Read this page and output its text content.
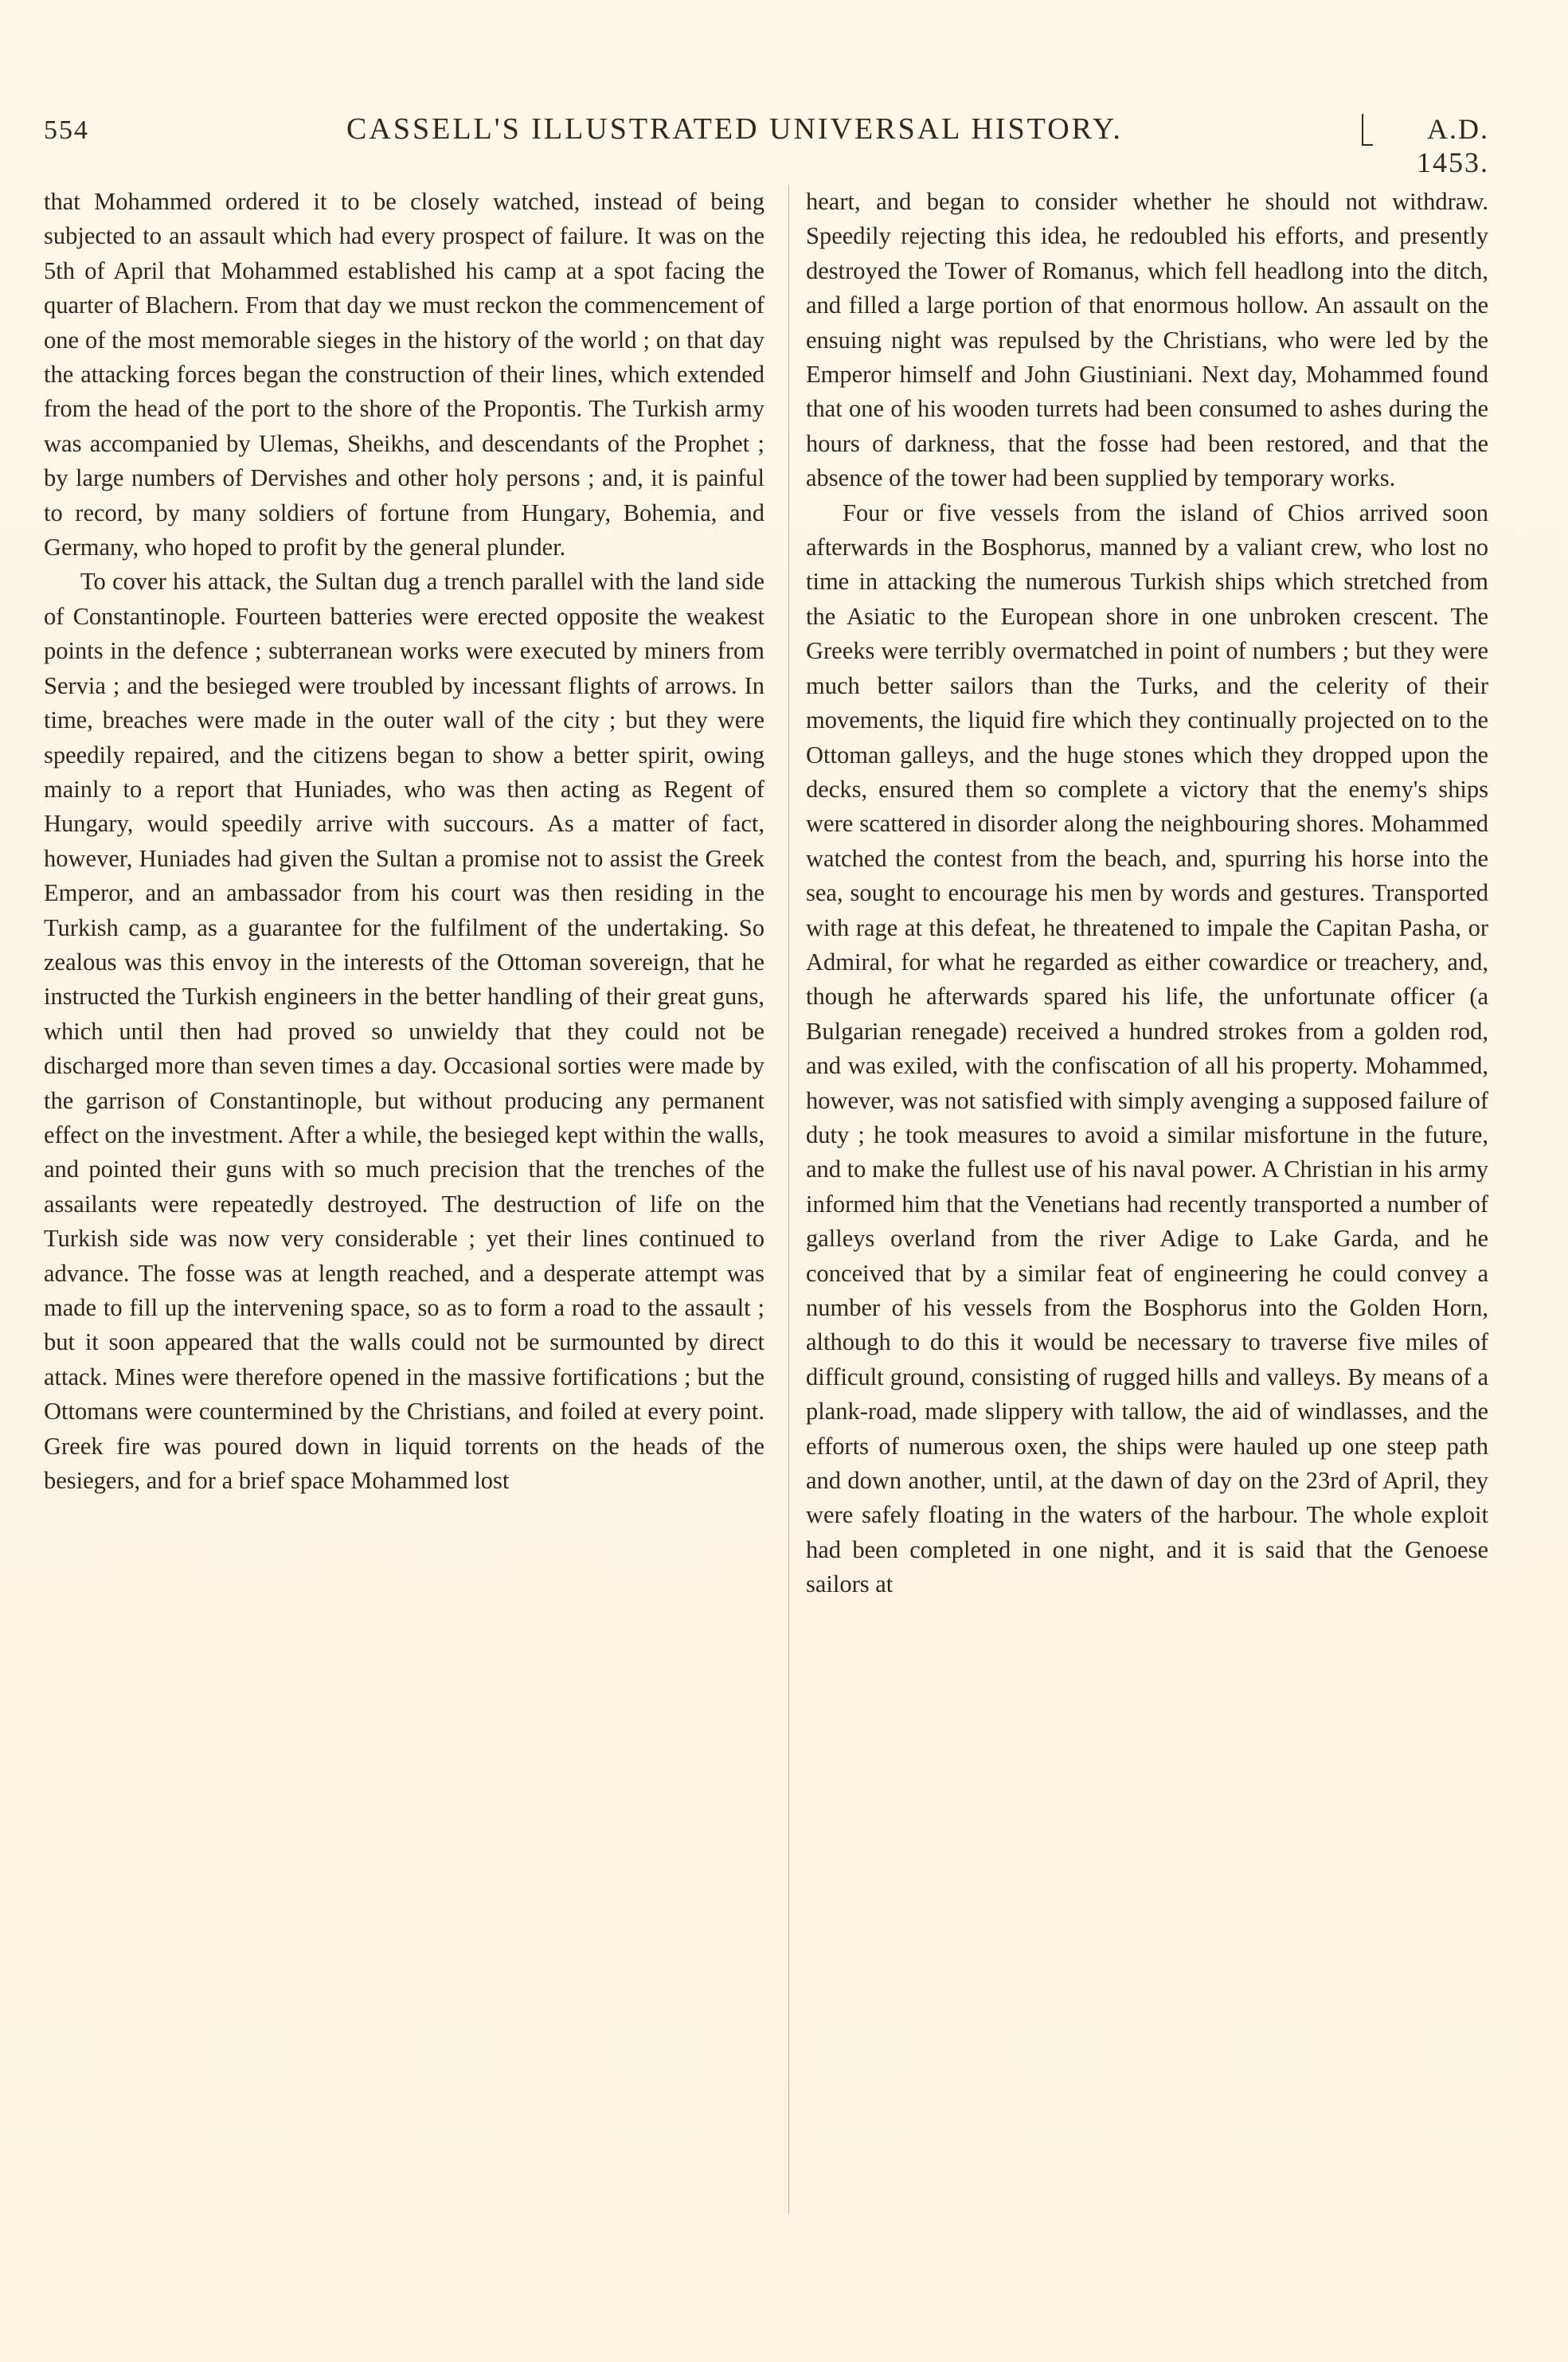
554	CASSELL'S ILLUSTRATED UNIVERSAL HISTORY.	A.D. 1453.

that Mohammed ordered it to be closely watched, instead of being subjected to an assault which had every prospect of failure. It was on the 5th of April that Mohammed established his camp at a spot facing the quarter of Blachern. From that day we must reckon the commencement of one of the most memorable sieges in the history of the world ; on that day the attacking forces began the construction of their lines, which extended from the head of the port to the shore of the Propontis. The Turkish army was accompanied by Ulemas, Sheikhs, and descendants of the Prophet ; by large numbers of Dervishes and other holy persons ; and, it is painful to record, by many soldiers of fortune from Hungary, Bohemia, and Germany, who hoped to profit by the general plunder.

To cover his attack, the Sultan dug a trench parallel with the land side of Constantinople. Fourteen batteries were erected opposite the weakest points in the defence ; subterranean works were executed by miners from Servia ; and the besieged were troubled by incessant flights of arrows. In time, breaches were made in the outer wall of the city ; but they were speedily repaired, and the citizens began to show a better spirit, owing mainly to a report that Huniades, who was then acting as Regent of Hungary, would speedily arrive with succours. As a matter of fact, however, Huniades had given the Sultan a promise not to assist the Greek Emperor, and an ambassador from his court was then residing in the Turkish camp, as a guarantee for the fulfilment of the undertaking. So zealous was this envoy in the interests of the Ottoman sovereign, that he instructed the Turkish engineers in the better handling of their great guns, which until then had proved so unwieldy that they could not be discharged more than seven times a day. Occasional sorties were made by the garrison of Constantinople, but without producing any permanent effect on the investment. After a while, the besieged kept within the walls, and pointed their guns with so much precision that the trenches of the assailants were repeatedly destroyed. The destruction of life on the Turkish side was now very considerable ; yet their lines continued to advance. The fosse was at length reached, and a desperate attempt was made to fill up the intervening space, so as to form a road to the assault ; but it soon appeared that the walls could not be surmounted by direct attack. Mines were therefore opened in the massive fortifications ; but the Ottomans were countermined by the Christians, and foiled at every point. Greek fire was poured down in liquid torrents on the heads of the besiegers, and for a brief space Mohammed lost

heart, and began to consider whether he should not withdraw. Speedily rejecting this idea, he redoubled his efforts, and presently destroyed the Tower of Romanus, which fell headlong into the ditch, and filled a large portion of that enormous hollow. An assault on the ensuing night was repulsed by the Christians, who were led by the Emperor himself and John Giustiniani. Next day, Mohammed found that one of his wooden turrets had been consumed to ashes during the hours of darkness, that the fosse had been restored, and that the absence of the tower had been supplied by temporary works.

Four or five vessels from the island of Chios arrived soon afterwards in the Bosphorus, manned by a valiant crew, who lost no time in attacking the numerous Turkish ships which stretched from the Asiatic to the European shore in one unbroken crescent. The Greeks were terribly overmatched in point of numbers ; but they were much better sailors than the Turks, and the celerity of their movements, the liquid fire which they continually projected on to the Ottoman galleys, and the huge stones which they dropped upon the decks, ensured them so complete a victory that the enemy's ships were scattered in disorder along the neighbouring shores. Mohammed watched the contest from the beach, and, spurring his horse into the sea, sought to encourage his men by words and gestures. Transported with rage at this defeat, he threatened to impale the Capitan Pasha, or Admiral, for what he regarded as either cowardice or treachery, and, though he afterwards spared his life, the unfortunate officer (a Bulgarian renegade) received a hundred strokes from a golden rod, and was exiled, with the confiscation of all his property. Mohammed, however, was not satisfied with simply avenging a supposed failure of duty ; he took measures to avoid a similar misfortune in the future, and to make the fullest use of his naval power. A Christian in his army informed him that the Venetians had recently transported a number of galleys overland from the river Adige to Lake Garda, and he conceived that by a similar feat of engineering he could convey a number of his vessels from the Bosphorus into the Golden Horn, although to do this it would be necessary to traverse five miles of difficult ground, consisting of rugged hills and valleys. By means of a plank-road, made slippery with tallow, the aid of windlasses, and the efforts of numerous oxen, the ships were hauled up one steep path and down another, until, at the dawn of day on the 23rd of April, they were safely floating in the waters of the harbour. The whole exploit had been completed in one night, and it is said that the Genoese sailors at
